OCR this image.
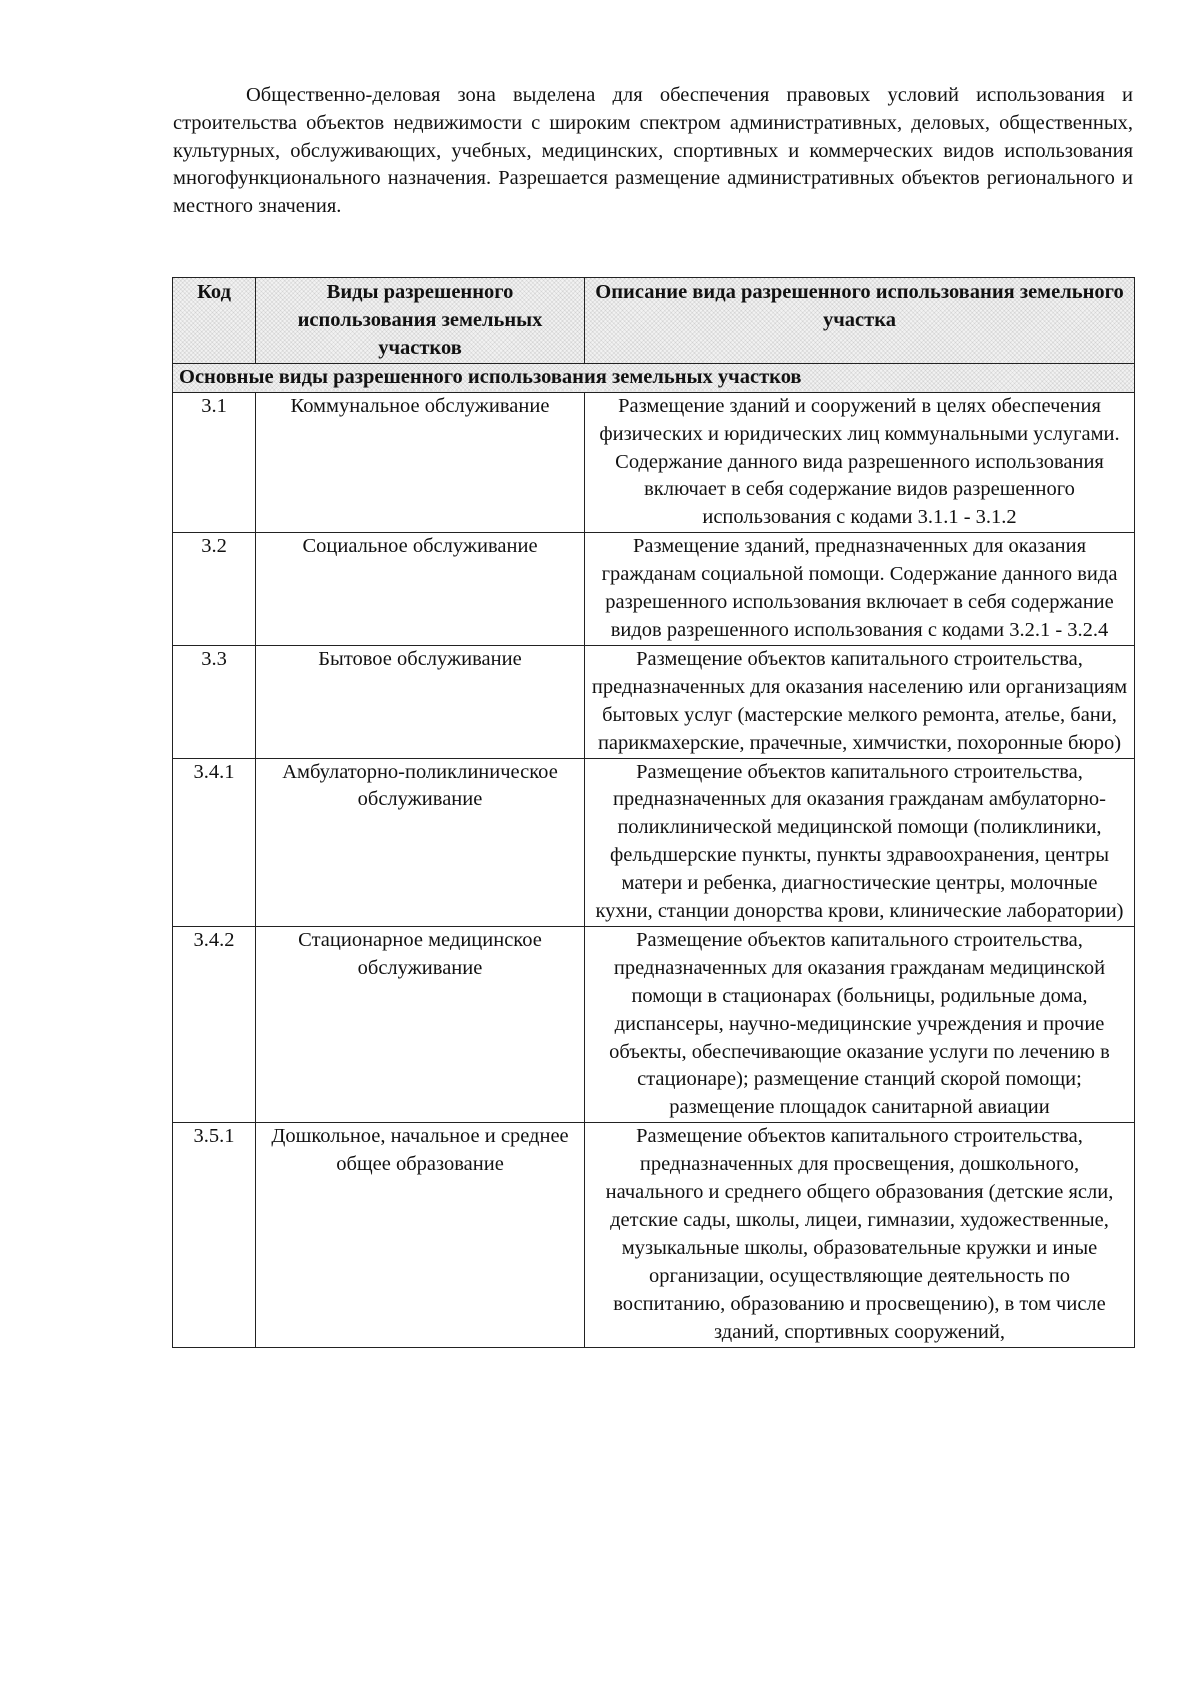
Общественно-деловая зона выделена для обеспечения правовых условий использования и строительства объектов недвижимости с широким спектром административных, деловых, общественных, культурных, обслуживающих, учебных, медицинских, спортивных и коммерческих видов использования многофункционального назначения. Разрешается размещение административных объектов регионального и местного значения.

Код	Виды разрешенного использования земельных участков	Описание вида разрешенного использования земельного участка
Основные виды разрешенного использования земельных участков		
3.1	Коммунальное обслуживание	Размещение зданий и сооружений в целях обеспечения физических и юридических лиц коммунальными услугами. Содержание данного вида разрешенного использования включает в себя содержание видов разрешенного использования с кодами 3.1.1 - 3.1.2
3.2	Социальное обслуживание	Размещение зданий, предназначенных для оказания гражданам социальной помощи. Содержание данного вида разрешенного использования включает в себя содержание видов разрешенного использования с кодами 3.2.1 - 3.2.4
3.3	Бытовое обслуживание	Размещение объектов капитального строительства, предназначенных для оказания населению или организациям бытовых услуг (мастерские мелкого ремонта, ателье, бани, парикмахерские, прачечные, химчистки, похоронные бюро)
3.4.1	Амбулаторно-поликлиническое обслуживание	Размещение объектов капитального строительства, предназначенных для оказания гражданам амбулаторно-поликлинической медицинской помощи (поликлиники, фельдшерские пункты, пункты здравоохранения, центры матери и ребенка, диагностические центры, молочные кухни, станции донорства крови, клинические лаборатории)
3.4.2	Стационарное медицинское обслуживание	Размещение объектов капитального строительства, предназначенных для оказания гражданам медицинской помощи в стационарах (больницы, родильные дома, диспансеры, научно-медицинские учреждения и прочие объекты, обеспечивающие оказание услуги по лечению в стационаре); размещение станций скорой помощи;
размещение площадок санитарной авиации

3.5.1	Дошкольное, начальное и среднее общее образование	Размещение объектов капитального строительства, предназначенных для просвещения, дошкольного, начального и среднего общего образования (детские ясли, детские сады, школы, лицеи, гимназии, художественные, музыкальные школы, образовательные кружки и иные организации, осуществляющие деятельность по воспитанию, образованию и просвещению), в том числе зданий, спортивных сооружений,
